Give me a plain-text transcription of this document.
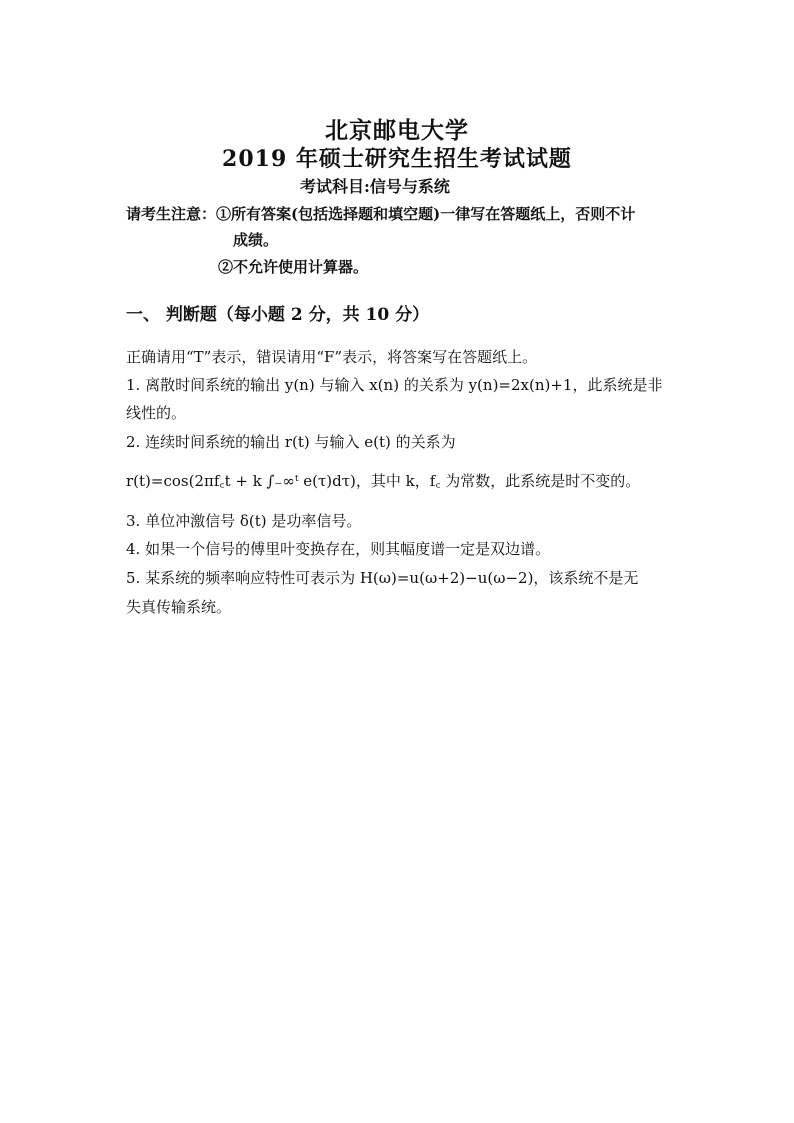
北京邮电大学
2019 年硕士研究生招生考试试题
考试科目:信号与系统
请考生注意：①所有答案(包括选择题和填空题)一律写在答题纸上，否则不计
成绩。
②不允许使用计算器。
一、 判断题（每小题 2 分，共 10 分）
正确请用“T”表示，错误请用“F”表示，将答案写在答题纸上。
1. 离散时间系统的输出 y(n) 与输入 x(n) 的关系为 y(n)=2x(n)+1，此系统是非
线性的。
2. 连续时间系统的输出 r(t) 与输入 e(t) 的关系为
r(t)=cos(2πf꜀t + k ∫₋∞ᵗ e(τ)dτ)，其中 k，f꜀ 为常数，此系统是时不变的。
3. 单位冲激信号 δ(t) 是功率信号。
4. 如果一个信号的傅里叶变换存在，则其幅度谱一定是双边谱。
5. 某系统的频率响应特性可表示为 H(ω)=u(ω+2)−u(ω−2)，该系统不是无
失真传输系统。
